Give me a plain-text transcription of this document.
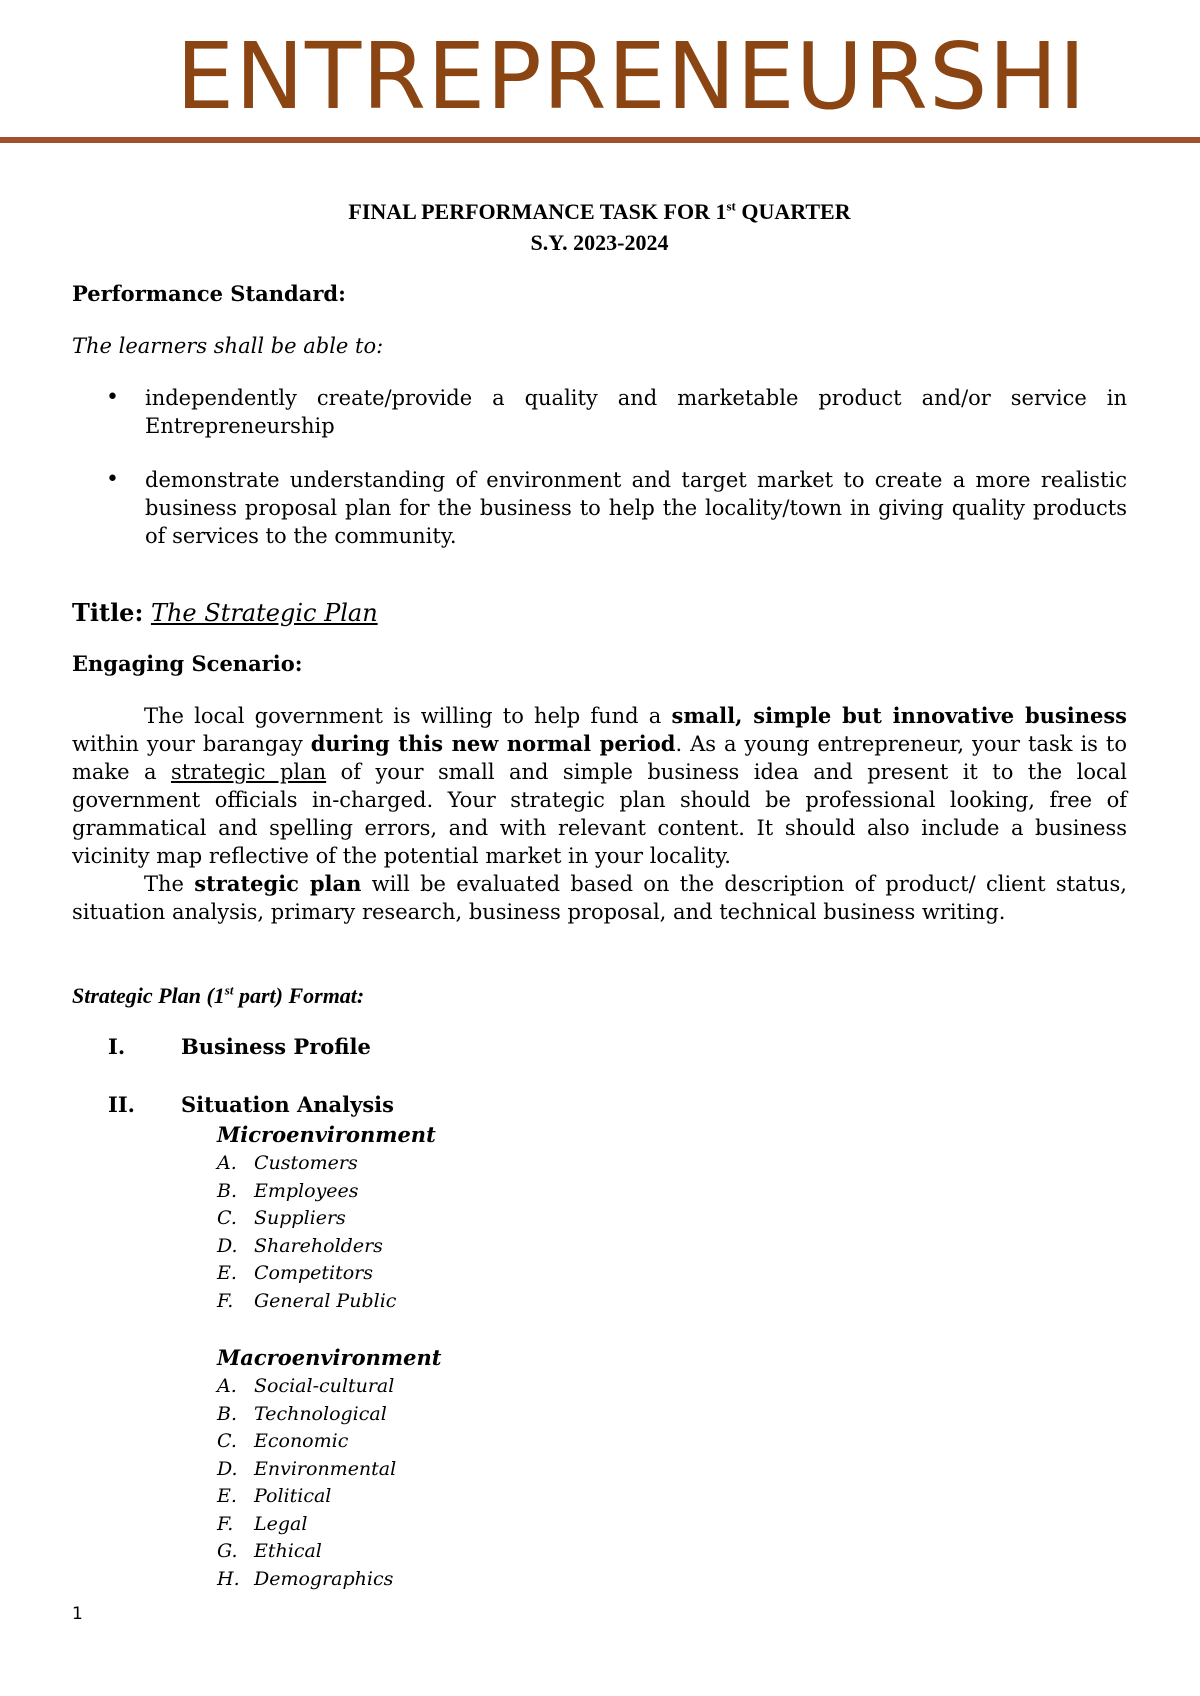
ENTREPRENEURSHI
FINAL PERFORMANCE TASK FOR 1st QUARTER
S.Y. 2023-2024

Performance Standard:

The learners shall be able to:

• independently create/provide a quality and marketable product and/or service in Entrepreneurship
• demonstrate understanding of environment and target market to create a more realistic business proposal plan for the business to help the locality/town in giving quality products of services to the community.

Title: The Strategic Plan

Engaging Scenario:

The local government is willing to help fund a small, simple but innovative business within your barangay during this new normal period. As a young entrepreneur, your task is to make a strategic plan of your small and simple business idea and present it to the local government officials in-charged. Your strategic plan should be professional looking, free of grammatical and spelling errors, and with relevant content. It should also include a business vicinity map reflective of the potential market in your locality.

The strategic plan will be evaluated based on the description of product/ client status, situation analysis, primary research, business proposal, and technical business writing.

Strategic Plan (1st part) Format:

I.	Business Profile
II. Situation Analysis
Microenvironment
A. Customers
B. Employees
C. Suppliers
D. Shareholders
E. Competitors
F. General Public
Macroenvironment
A. Social-cultural
B. Technological
C. Economic
D. Environmental
E. Political
F. Legal
G. Ethical
H. Demographics
1
